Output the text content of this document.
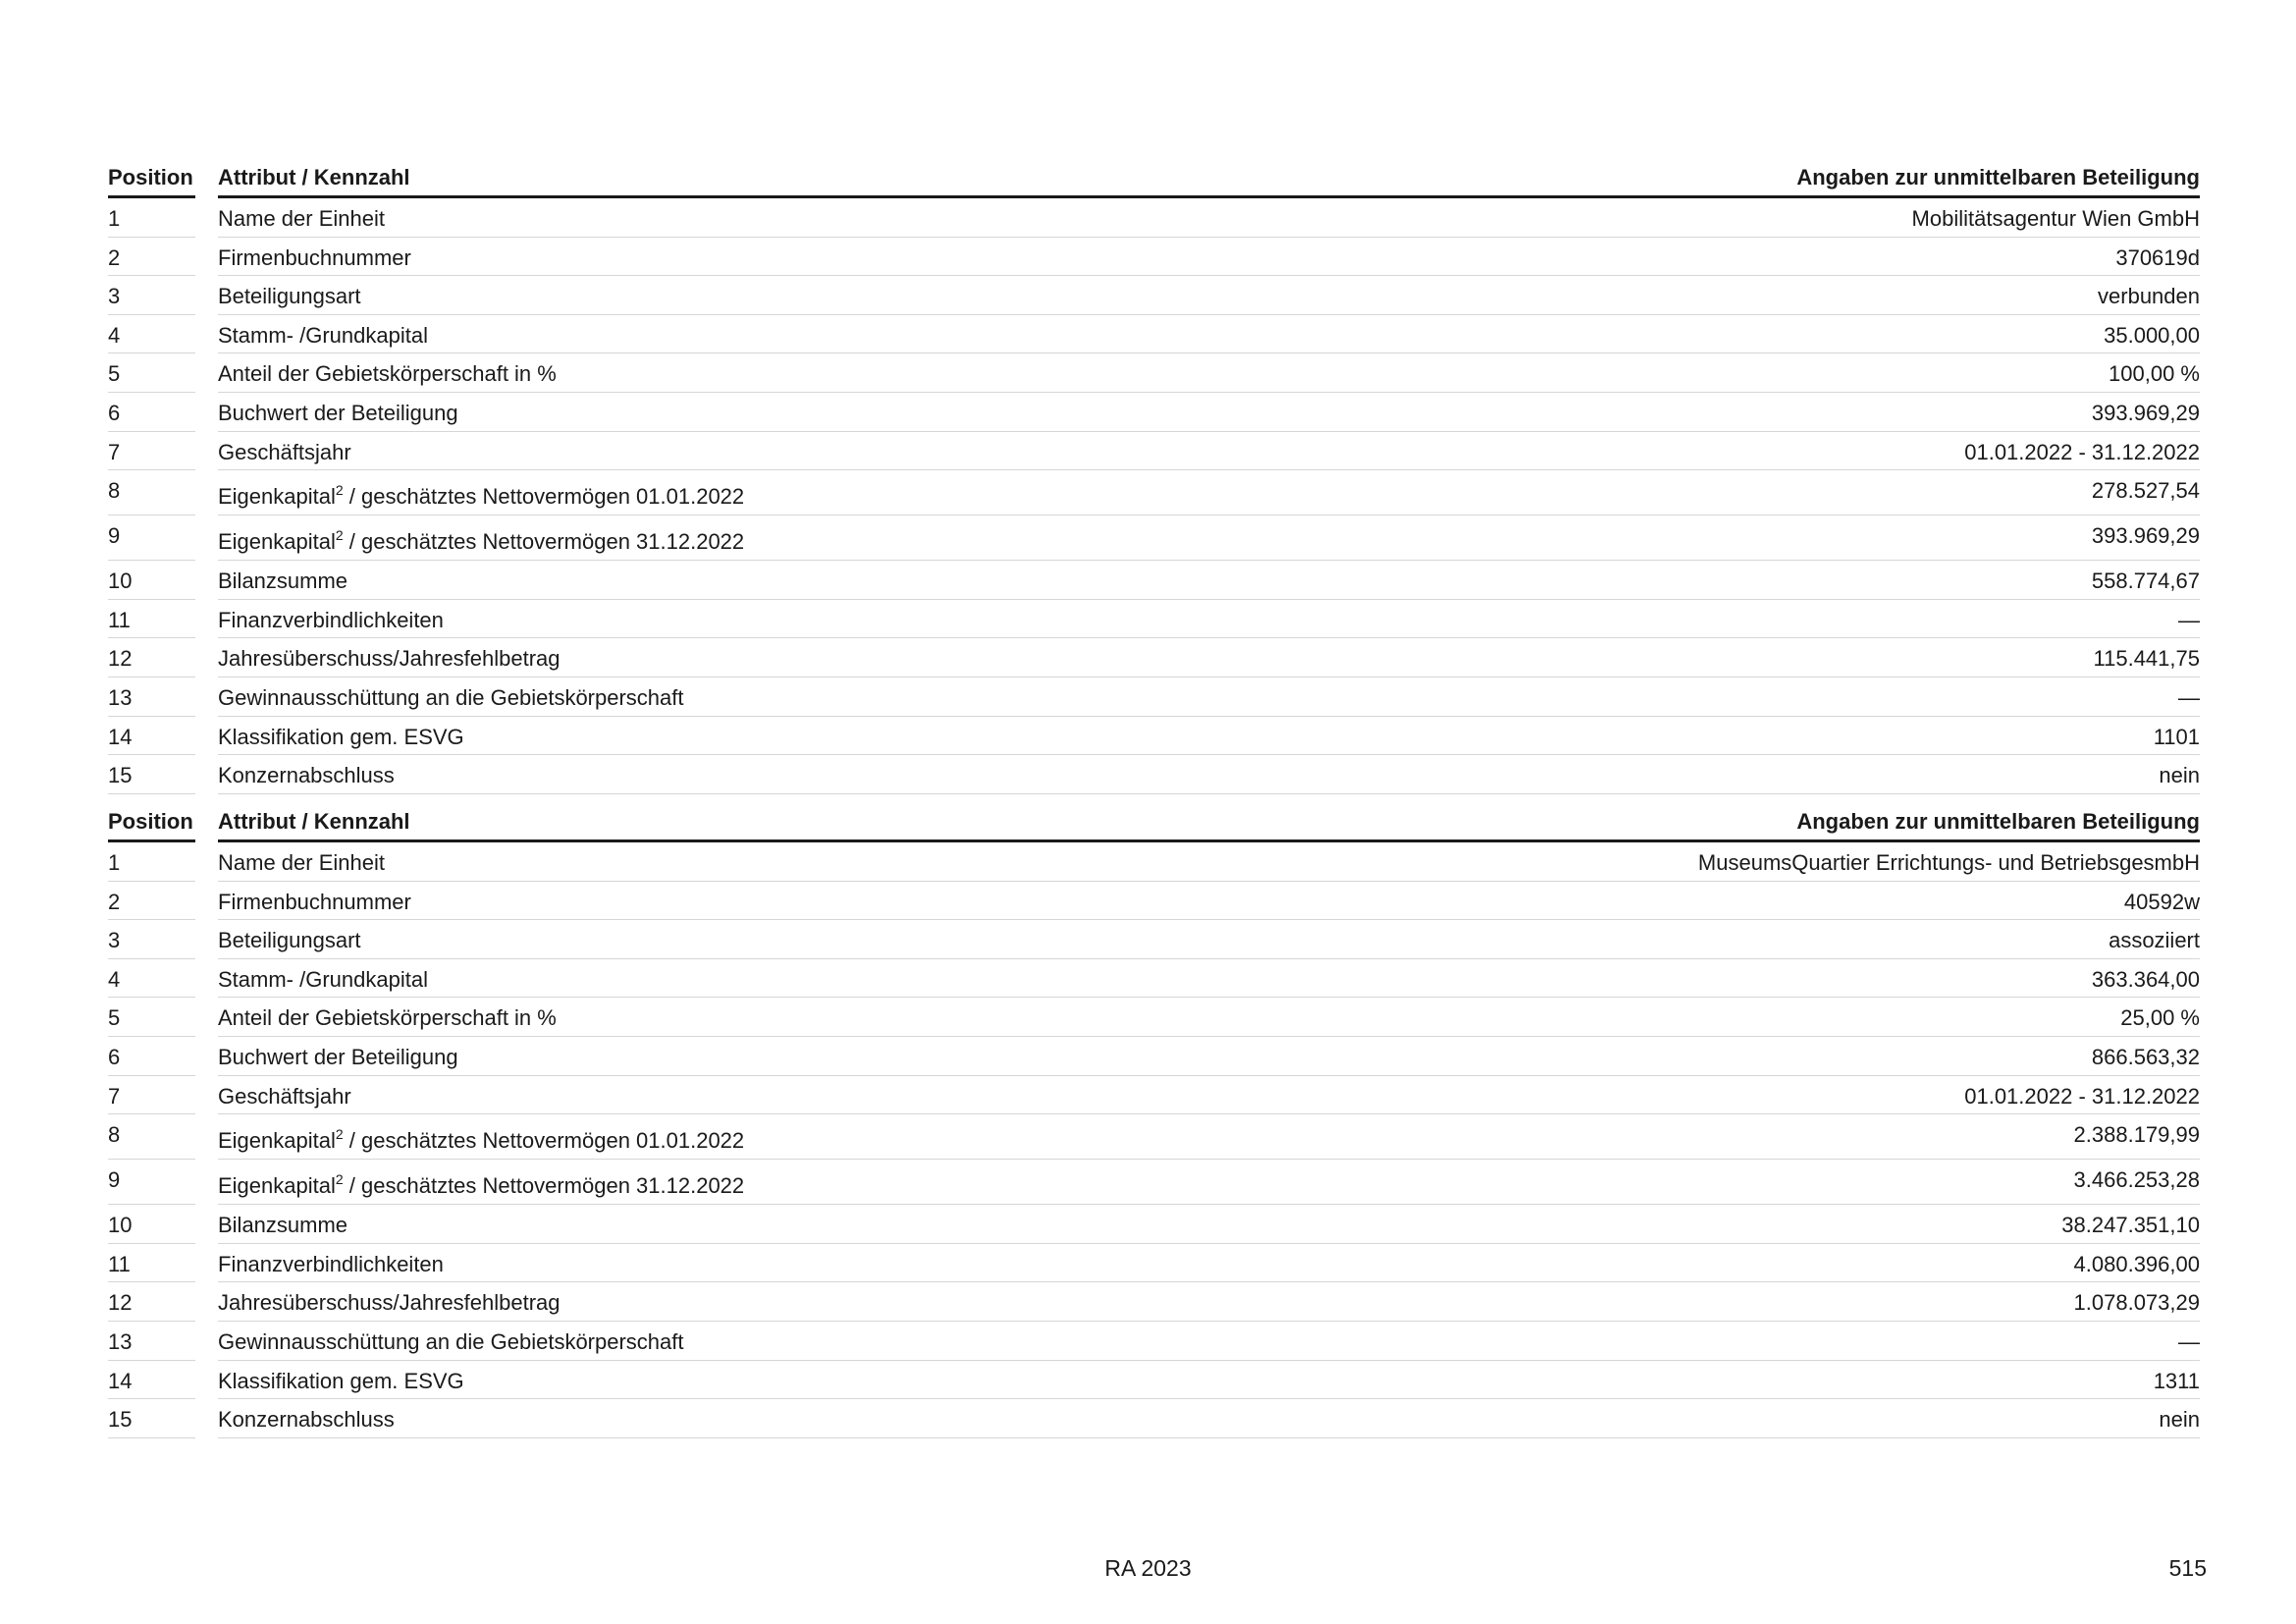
Position Attribut / Kennzahl	Angaben zur unmittelbaren Beteiligung
1	Name der Einheit	Mobilitätsagentur Wien GmbH
2	Firmenbuchnummer	370619d
3	Beteiligungsart	verbunden
4	Stamm- /Grundkapital	35.000,00
5	Anteil der Gebietskörperschaft in %	100,00 %
6	Buchwert der Beteiligung	393.969,29
7	Geschäftsjahr	01.01.2022 - 31.12.2022
8	Eigenkapital$^2$ / geschätztes Nettovermögen 01.01.2022	278.527,54
9	Eigenkapital$^2$ / geschätztes Nettovermögen 31.12.2022	393.969,29
10	Bilanzsumme	558.774,67
11	Finanzverbindlichkeiten	—
12	Jahresüberschuss/Jahresfehlbetrag	115.441,75
13	Gewinnausschüttung an die Gebietskörperschaft	—
14	Klassifikation gem. ESVG	1101
15	Konzernabschluss	nein
Position Attribut / Kennzahl	Angaben zur unmittelbaren Beteiligung
1	Name der Einheit	MuseumsQuartier Errichtungs- und BetriebsgesmbH
2	Firmenbuchnummer	40592w
3	Beteiligungsart	assoziiert
4	Stamm- /Grundkapital	363.364,00
5	Anteil der Gebietskörperschaft in %	25,00 %
6	Buchwert der Beteiligung	866.563,32
7	Geschäftsjahr	01.01.2022 - 31.12.2022
8	Eigenkapital$^2$ / geschätztes Nettovermögen 01.01.2022	2.388.179,99
9	Eigenkapital$^2$ / geschätztes Nettovermögen 31.12.2022	3.466.253,28
10	Bilanzsumme	38.247.351,10
11	Finanzverbindlichkeiten	4.080.396,00
12	Jahresüberschuss/Jahresfehlbetrag	1.078.073,29
13	Gewinnausschüttung an die Gebietskörperschaft	—
14	Klassifikation gem. ESVG	1311
15	Konzernabschluss	nein
RA 2023	515
